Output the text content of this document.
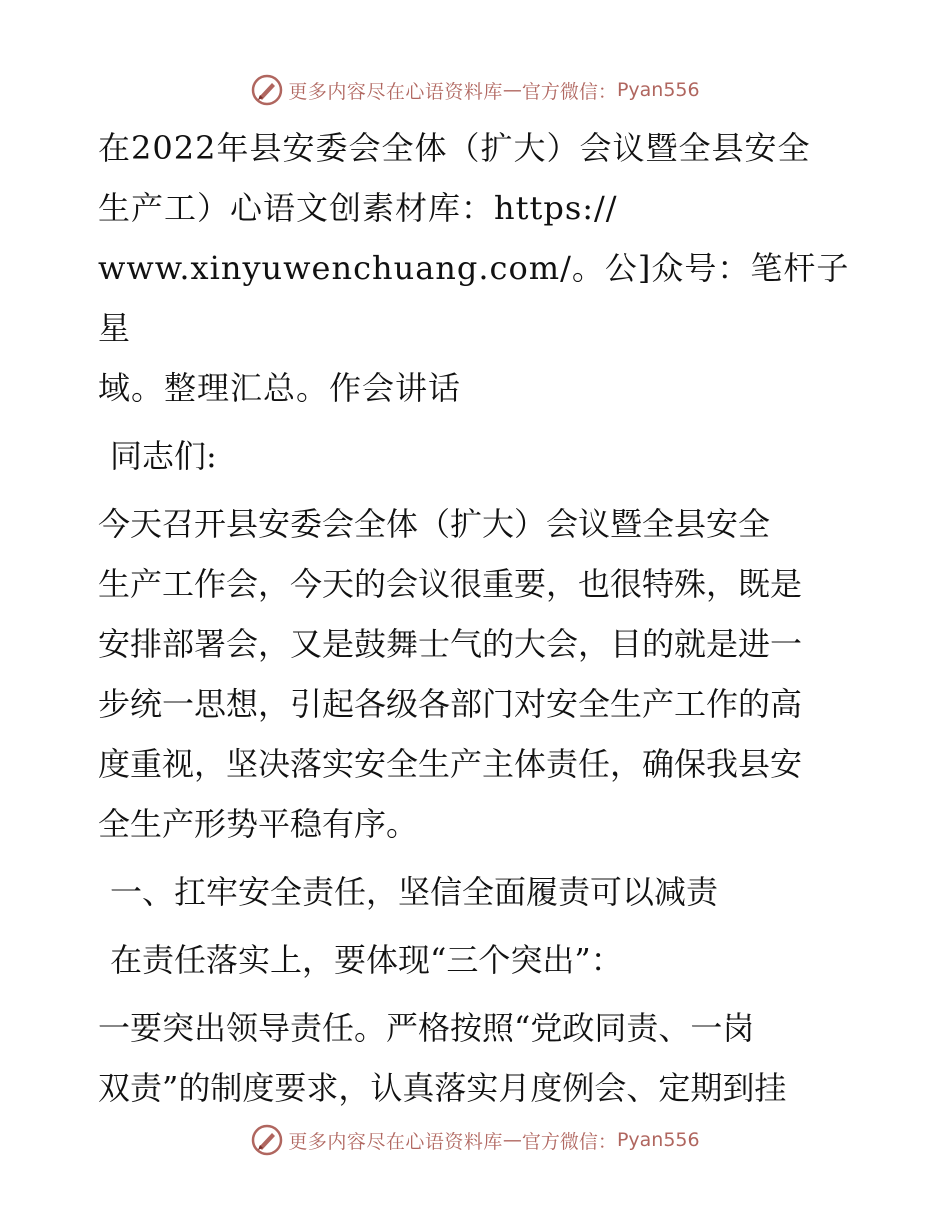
更多内容尽在心语资料库 — 官方微信： Pyan556
在2022年县安委会全体（扩大）会议暨全县安全
生产工）心语文创素材库：https://
www.xinyuwenchuang.com/。公]众号：笔杆子星
域。整理汇总。作会讲话
同志们:
今天召开县安委会全体（扩大）会议暨全县安全
生产工作会，今天的会议很重要，也很特殊，既是
安排部署会，又是鼓舞士气的大会，目的就是进一
步统一思想，引起各级各部门对安全生产工作的高
度重视，坚决落实安全生产主体责任，确保我县安
全生产形势平稳有序。
一、扛牢安全责任，坚信全面履责可以减责
在责任落实上，要体现“三个突出”：
一要突出领导责任。严格按照“党政同责、一岗
双责”的制度要求，认真落实月度例会、定期到挂
更多内容尽在心语资料库 — 官方微信： Pyan556
